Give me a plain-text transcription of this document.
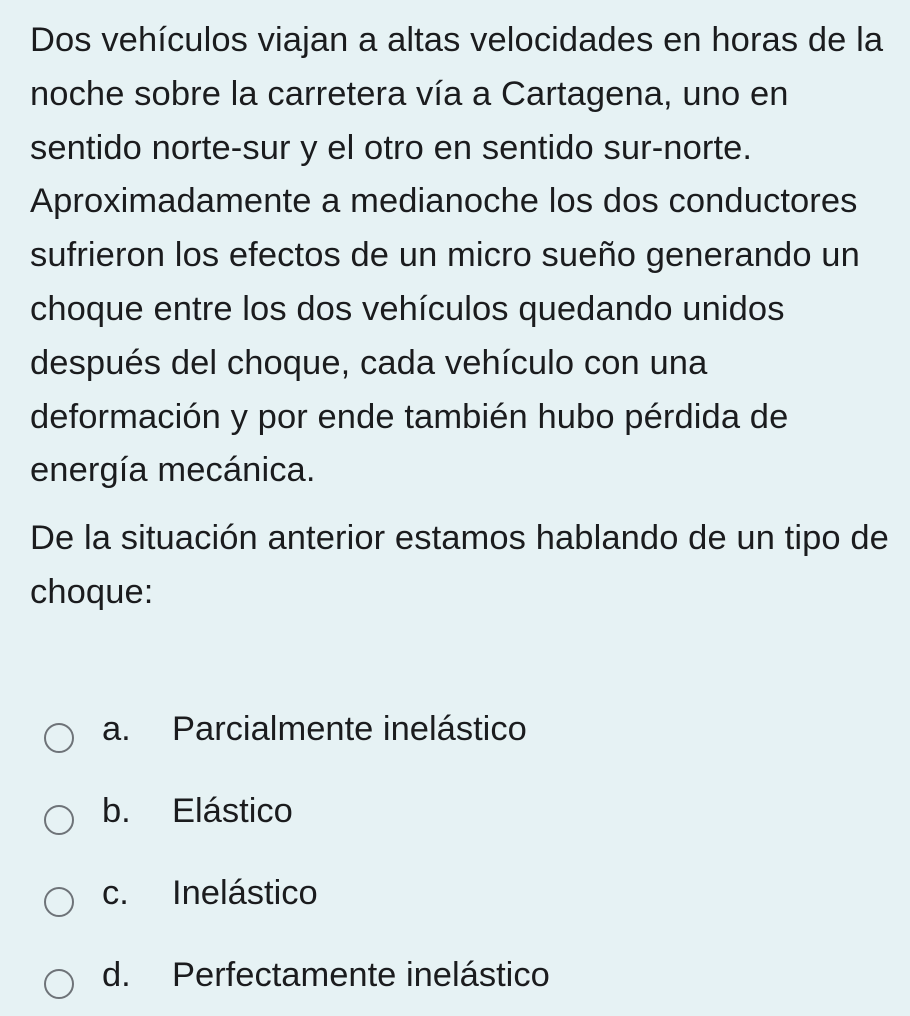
Dos vehículos viajan a altas velocidades en horas de la noche sobre la carretera vía a Cartagena, uno en sentido norte-sur y el otro en sentido sur-norte. Aproximadamente a medianoche los dos conductores sufrieron los efectos de un micro sueño generando un choque entre los dos vehículos quedando unidos después del choque, cada vehículo con una deformación y por ende también hubo pérdida de energía mecánica.

De la situación anterior estamos hablando de un tipo de choque:

a.	Parcialmente inelástico
b.	Elástico
c.	Inelástico
d.	Perfectamente inelástico
